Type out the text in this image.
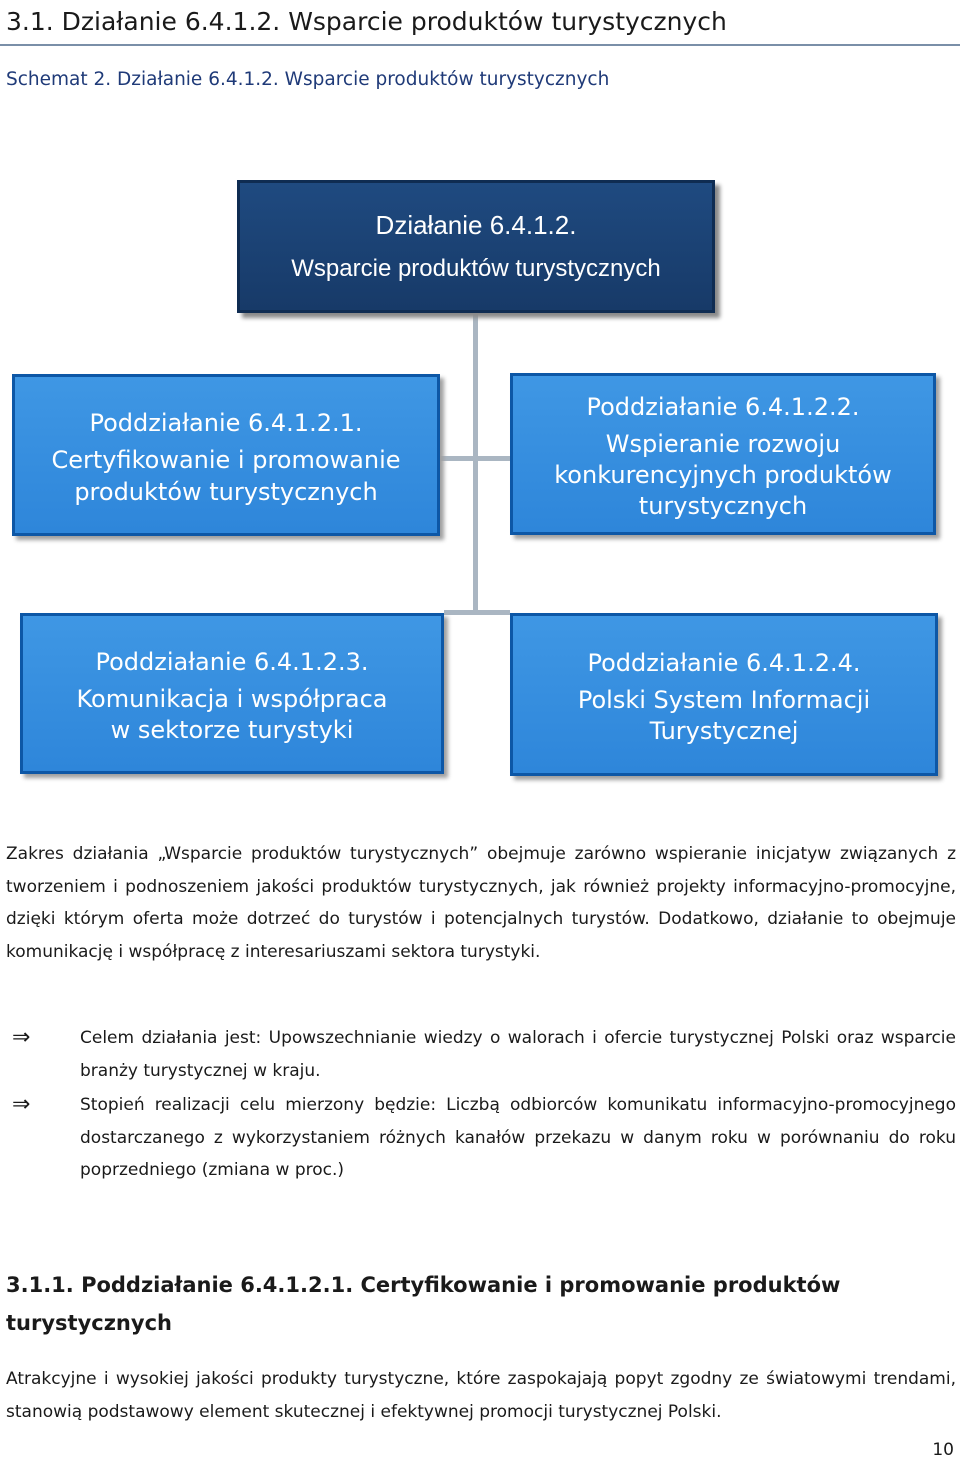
3.1. Działanie 6.4.1.2. Wsparcie produktów turystycznych
Schemat 2. Działanie 6.4.1.2. Wsparcie produktów turystycznych
Działanie 6.4.1.2.
Wsparcie produktów turystycznych
Poddziałanie 6.4.1.2.1.
Certyfikowanie i promowanie
produktów turystycznych
Poddziałanie 6.4.1.2.2.
Wspieranie rozwoju
konkurencyjnych produktów
turystycznych
Poddziałanie 6.4.1.2.3.
Komunikacja i współpraca
w sektorze turystyki
Poddziałanie 6.4.1.2.4.
Polski System Informacji
Turystycznej
Zakres działania „Wsparcie produktów turystycznych” obejmuje zarówno wspieranie inicjatyw związanych z tworzeniem i podnoszeniem jakości produktów turystycznych, jak również projekty informacyjno-promocyjne, dzięki którym oferta może dotrzeć do turystów i potencjalnych turystów. Dodatkowo, działanie to obejmuje komunikację i współpracę z interesariuszami sektora turystyki.
⇒	Celem działania jest: Upowszechnianie wiedzy o walorach i ofercie turystycznej Polski oraz wsparcie branży turystycznej w kraju.
⇒	Stopień realizacji celu mierzony będzie: Liczbą odbiorców komunikatu informacyjno-promocyjnego dostarczanego z wykorzystaniem różnych kanałów przekazu w danym roku w porównaniu do roku poprzedniego (zmiana w proc.)
3.1.1. Poddziałanie 6.4.1.2.1. Certyfikowanie i promowanie produktów turystycznych
Atrakcyjne i wysokiej jakości produkty turystyczne, które zaspokajają popyt zgodny ze światowymi trendami, stanowią podstawowy element skutecznej i efektywnej promocji turystycznej Polski.
10
